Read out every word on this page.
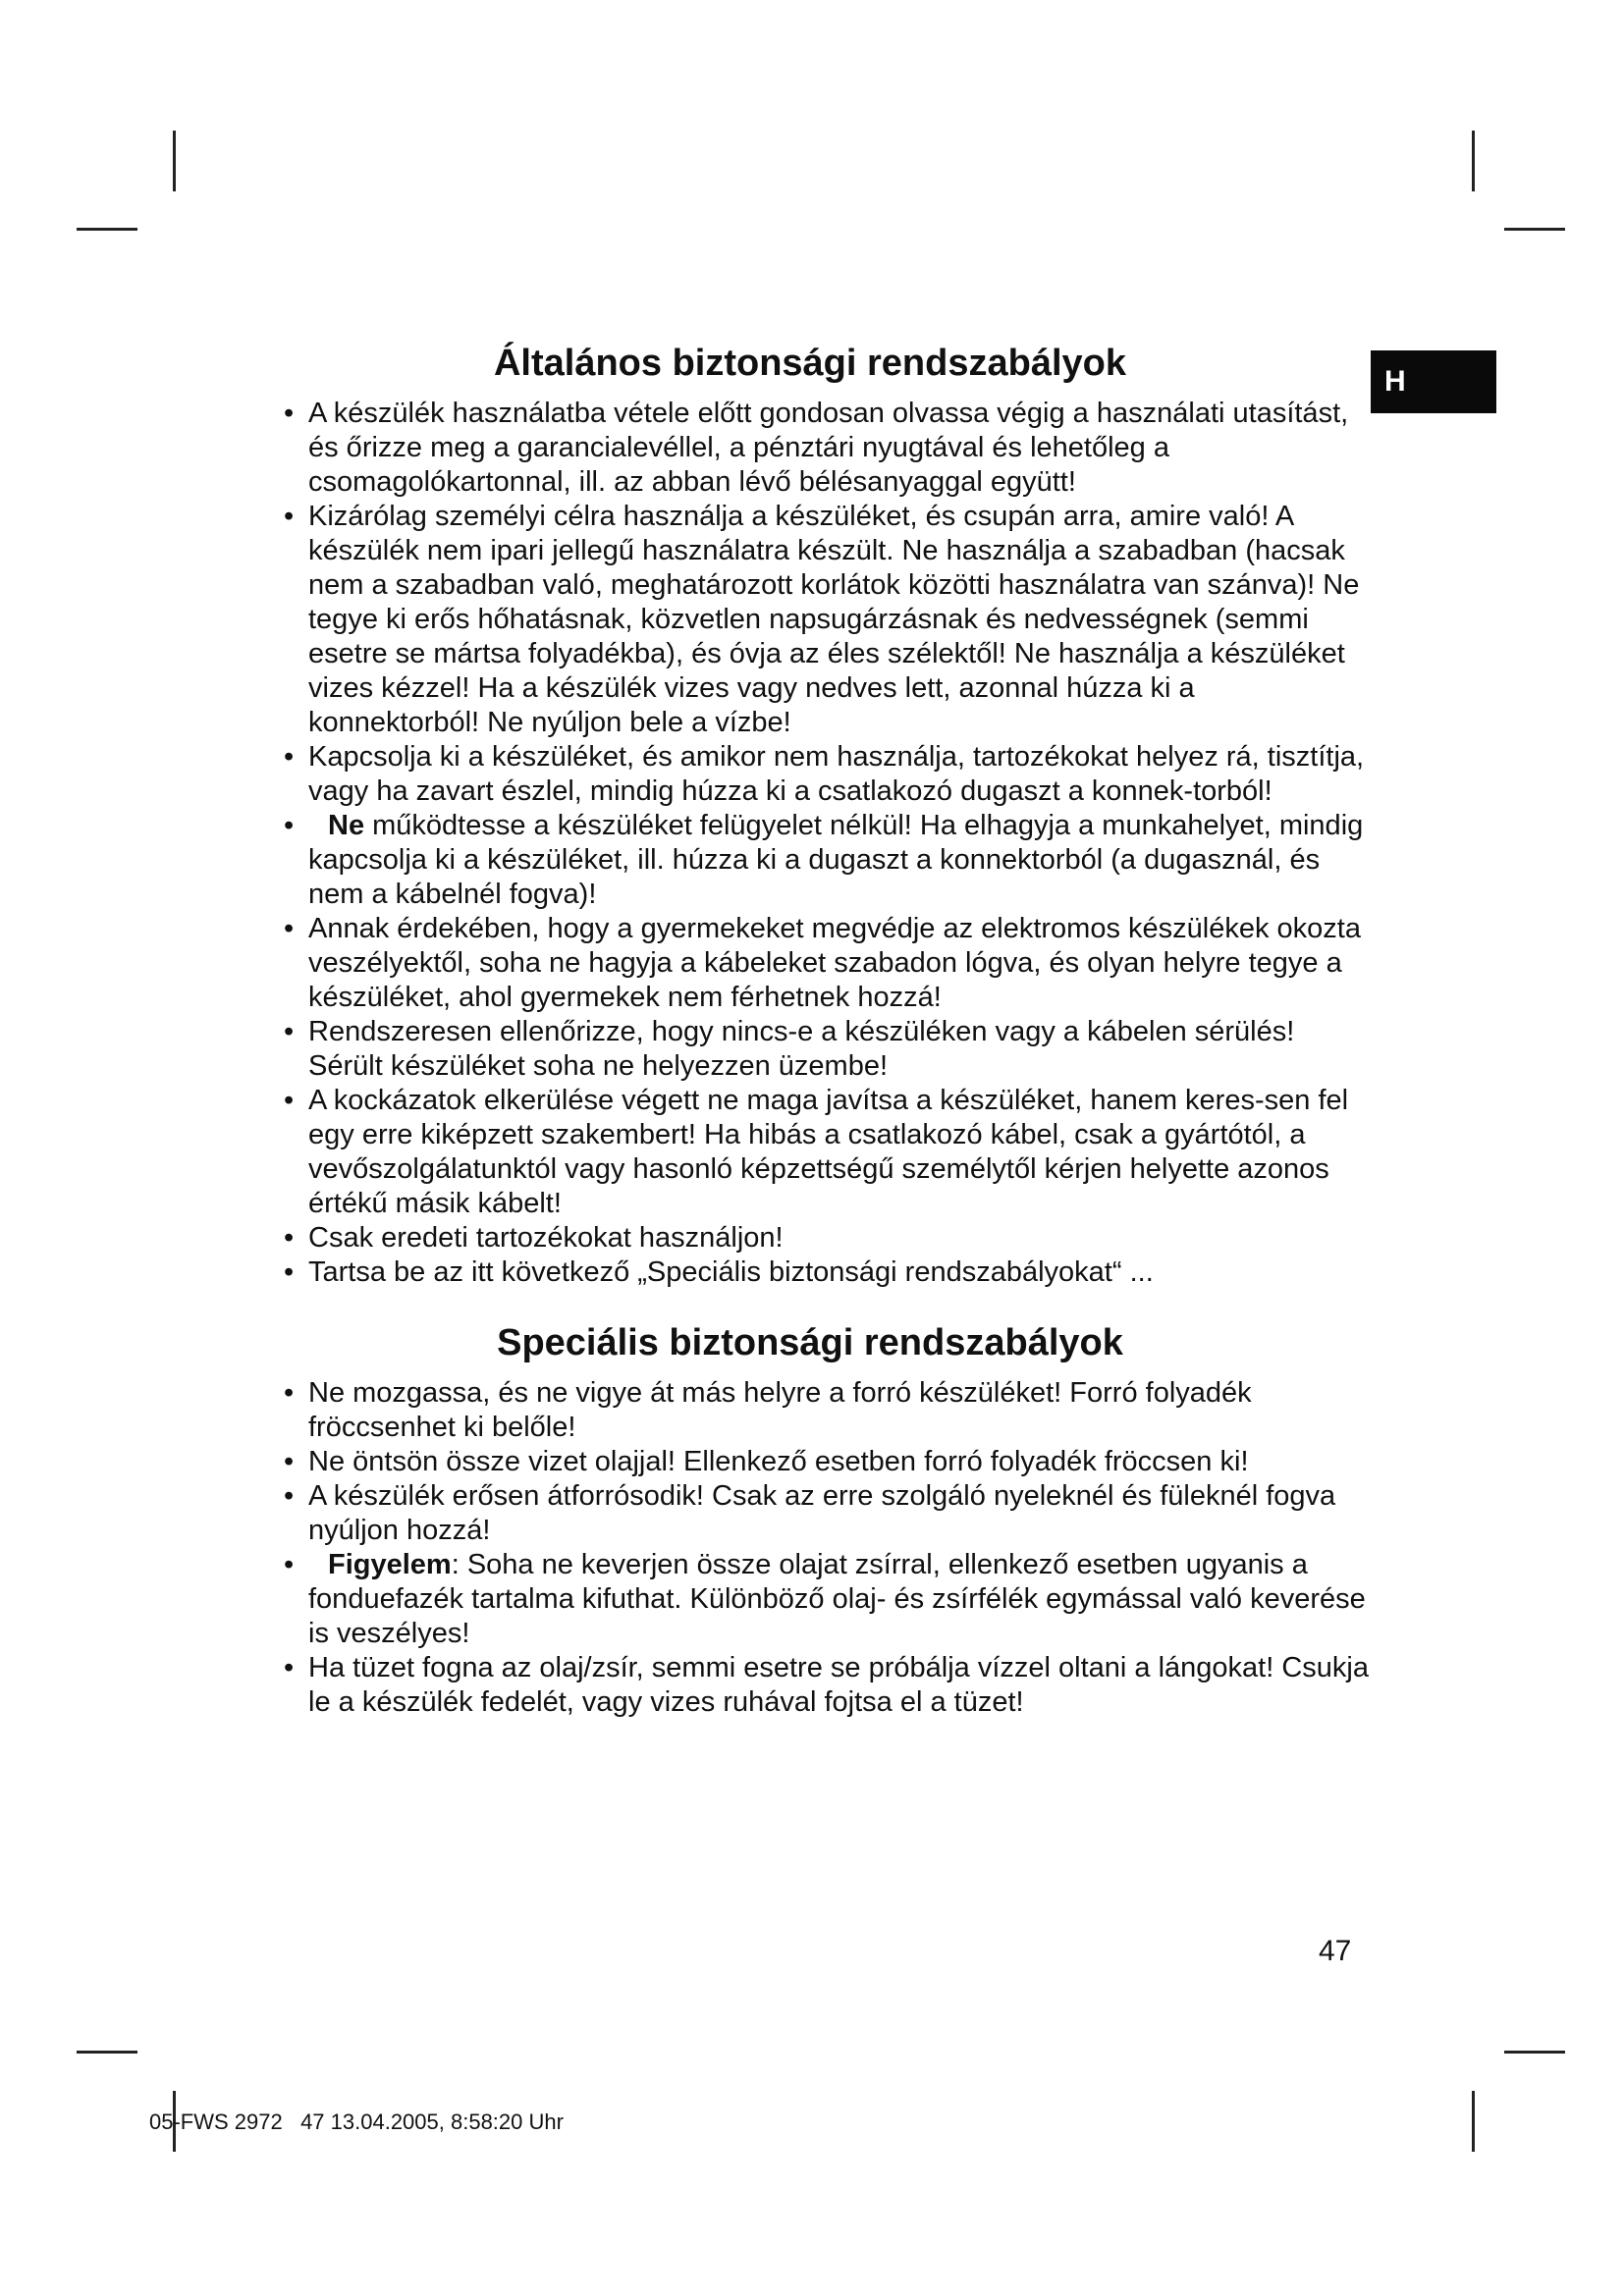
H
Általános biztonsági rendszabályok
• A készülék használatba vétele előtt gondosan olvassa végig a használati utasítást, és őrizze meg a garancialevéllel, a pénztári nyugtával és lehetőleg a csomagolókartonnal, ill. az abban lévő bélésanyaggal együtt!
• Kizárólag személyi célra használja a készüléket, és csupán arra, amire való! A készülék nem ipari jellegű használatra készült. Ne használja a szabadban (hacsak nem a szabadban való, meghatározott korlátok közötti használatra van szánva)! Ne tegye ki erős hőhatásnak, közvetlen napsugárzásnak és nedvességnek (semmi esetre se mártsa folyadékba), és óvja az éles szélektől! Ne használja a készüléket vizes kézzel! Ha a készülék vizes vagy nedves lett, azonnal húzza ki a konnektorból! Ne nyúljon bele a vízbe!
• Kapcsolja ki a készüléket, és amikor nem használja, tartozékokat helyez rá, tisztítja, vagy ha zavart észlel, mindig húzza ki a csatlakozó dugaszt a konnek-torból!
• Ne működtesse a készüléket felügyelet nélkül! Ha elhagyja a munkahelyet, mindig kapcsolja ki a készüléket, ill. húzza ki a dugaszt a konnektorból (a dugasznál, és nem a kábelnél fogva)!
• Annak érdekében, hogy a gyermekeket megvédje az elektromos készülékek okozta veszélyektől, soha ne hagyja a kábeleket szabadon lógva, és olyan helyre tegye a készüléket, ahol gyermekek nem férhetnek hozzá!
• Rendszeresen ellenőrizze, hogy nincs-e a készüléken vagy a kábelen sérülés! Sérült készüléket soha ne helyezzen üzembe!
• A kockázatok elkerülése végett ne maga javítsa a készüléket, hanem keres-sen fel egy erre kiképzett szakembert! Ha hibás a csatlakozó kábel, csak a gyártótól, a vevőszolgálatunktól vagy hasonló képzettségű személytől kérjen helyette azonos értékű másik kábelt!
• Csak eredeti tartozékokat használjon!
• Tartsa be az itt következő „Speciális biztonsági rendszabályokat“ ...
Speciális biztonsági rendszabályok
• Ne mozgassa, és ne vigye át más helyre a forró készüléket! Forró folyadék fröccsenhet ki belőle!
• Ne öntsön össze vizet olajjal! Ellenkező esetben forró folyadék fröccsen ki!
• A készülék erősen átforrósodik! Csak az erre szolgáló nyeleknél és füleknél fogva nyúljon hozzá!
• Figyelem: Soha ne keverjen össze olajat zsírral, ellenkező esetben ugyanis a fonduefazék tartalma kifuthat. Különböző olaj- és zsírfélék egymással való keverése is veszélyes!
• Ha tüzet fogna az olaj/zsír, semmi esetre se próbálja vízzel oltani a lángokat! Csukja le a készülék fedelét, vagy vizes ruhával fojtsa el a tüzet!
47
05-FWS 2972   47 13.04.2005, 8:58:20 Uhr
